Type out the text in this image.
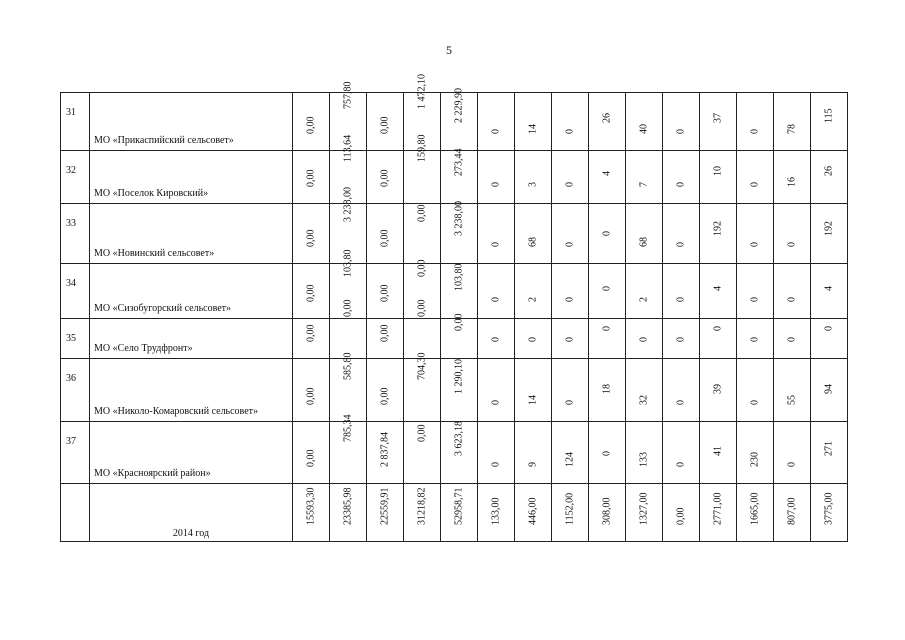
5
31	МО «Прикаспийский сельсовет»	0,00	757,80	0,00	1 472,10	2 229,90	0	14	0	26	40	0	37	0	78	115

32	МО «Поселок Кировский»	0,00	113,64	0,00	159,80	273,44	0	3	0	4	7	0	10	0	16	26

33	МО «Новинский сельсовет»	0,00	3 238,00	0,00	0,00	3 238,00	0	68	0	0	68	0	192	0	0	192

34	МО «Сизобугорский сельсовет»	0,00	103,80	0,00	0,00	103,80	0	2	0	0	2	0	4	0	0	4

35	МО «Село Трудфронт»	0,00	0,00	0,00	0,00	0,00	0	0	0	0	0	0	0	0	0	0

36	МО «Николо-Комаровский сельсовет»	0,00	585,80	0,00	704,30	1 290,10	0	14	0	18	32	0	39	0	55	94

37	МО «Красноярский район»	0,00	785,34	2 837,84	0,00	3 623,18	0	9	124	0	133	0	41	230	0	271

	2014 год	15593,30	23385,98	22559,91	31218,82	52958,71	133,00	446,00	1152,00	308,00	1327,00	0,00	2771,00	1665,00	807,00	3775,00
